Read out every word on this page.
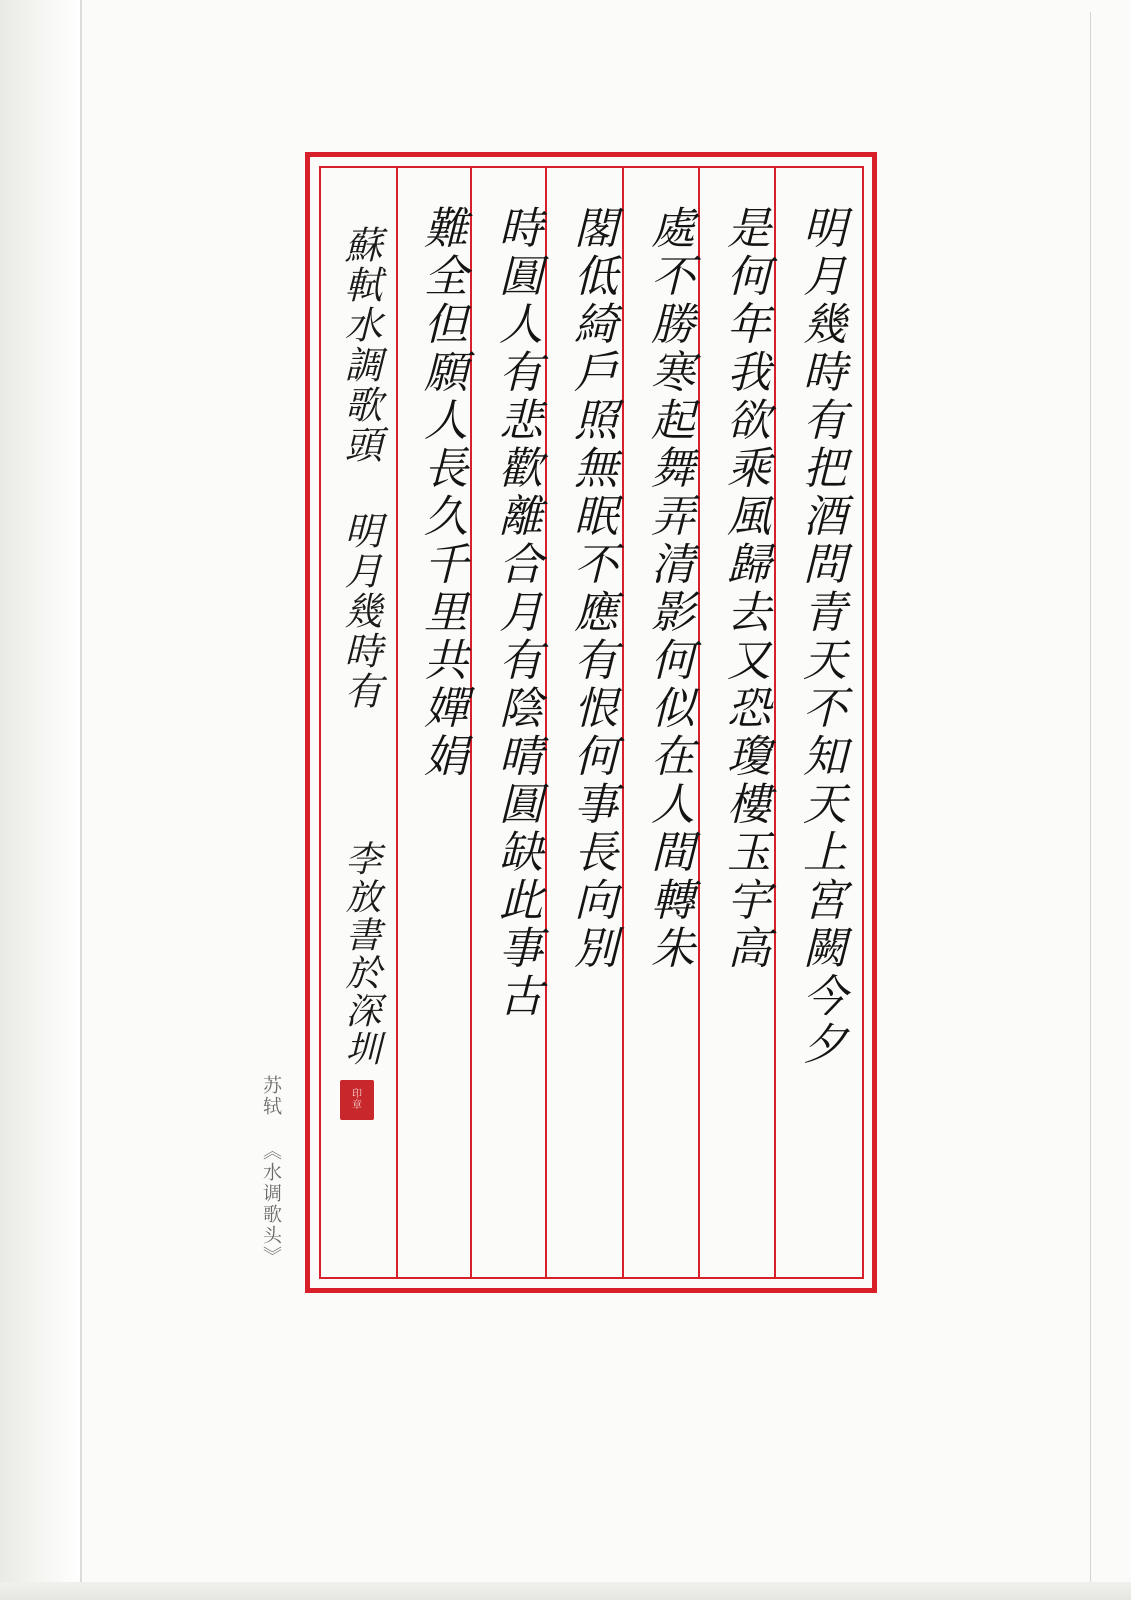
明月幾時有把酒問青天不知天上宮闕今夕
是何年我欲乘風歸去又恐瓊樓玉宇高
處不勝寒起舞弄清影何似在人間轉朱
閣低綺戶照無眠不應有恨何事長向別
時圓人有悲歡離合月有陰晴圓缺此事古
難全但願人長久千里共嬋娟
蘇軾水調歌頭 明月幾時有
李放書於深圳
印
章
苏轼 《水调歌头》
